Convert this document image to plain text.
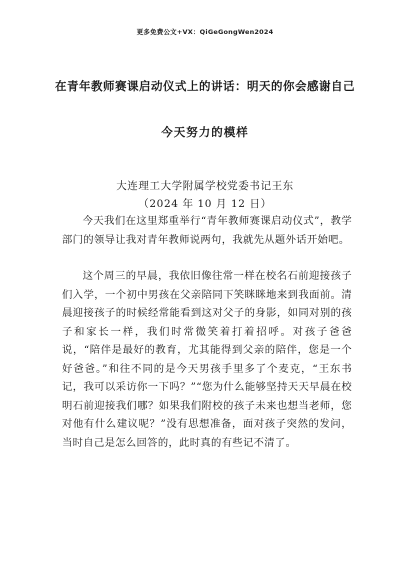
更多免费公文+VX：QiGeGongWen2024
在青年教师赛课启动仪式上的讲话：明天的你会感谢自己
今天努力的模样
大连理工大学附属学校党委书记王东
（2024 年 10 月 12 日）

今天我们在这里郑重举行“青年教师赛课启动仪式”，教学部门的领导让我对青年教师说两句，我就先从题外话开始吧。

这个周三的早晨，我依旧像往常一样在校名石前迎接孩子们入学，一个初中男孩在父亲陪同下笑眯眯地来到我面前。清晨迎接孩子的时候经常能看到这对父子的身影，如同对别的孩子和家长一样，我们时常微笑着打着招呼。对孩子爸爸说，“陪伴是最好的教育，尤其能得到父亲的陪伴，您是一个好爸爸。”和往不同的是今天男孩手里多了个麦克，“王东书记，我可以采访你一下吗？”“您为什么能够坚持天天早晨在校明石前迎接我们哪？如果我们附校的孩子未来也想当老师，您对他有什么建议呢？”没有思想准备，面对孩子突然的发问，当时自己是怎么回答的，此时真的有些记不清了。
